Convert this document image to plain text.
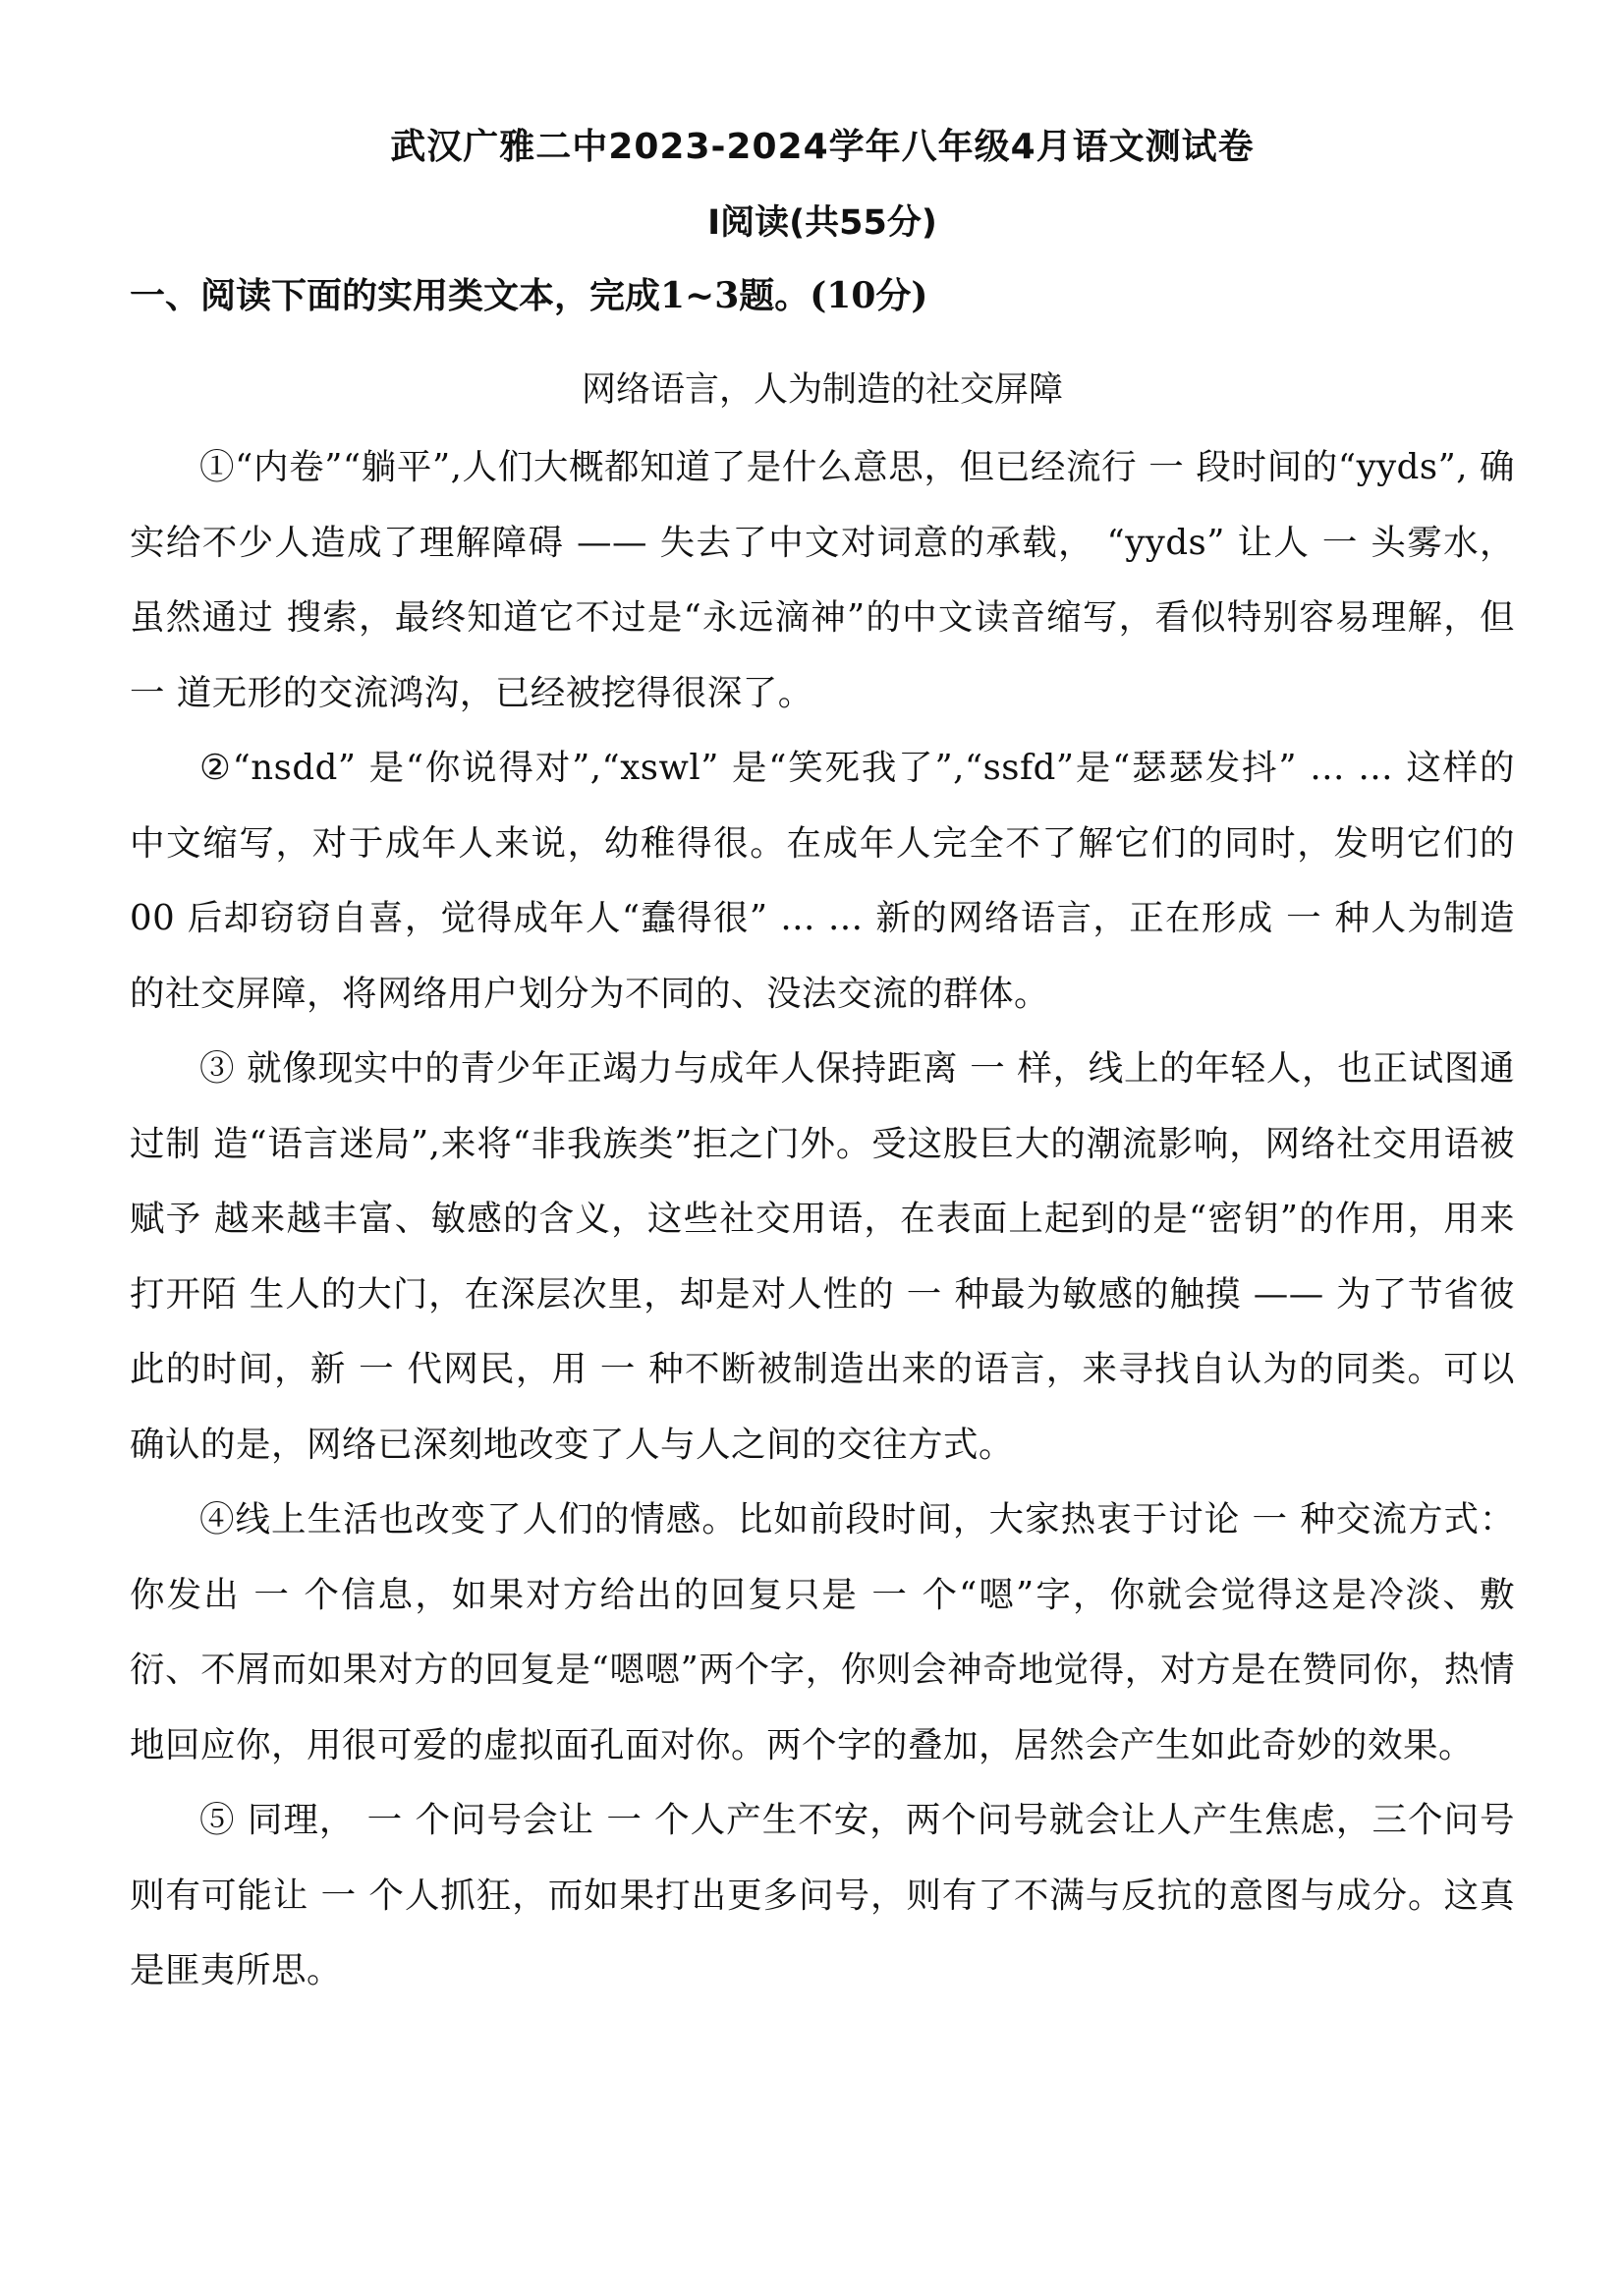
武汉广雅二中2023-2024学年八年级4月语文测试卷
Ⅰ阅读(共55分)
一、阅读下面的实用类文本，完成1~3题。(10分)
网络语言，人为制造的社交屏障

①“内卷”“躺平”,人们大概都知道了是什么意思，但已经流行 一 段时间的“yyds”, 确 实给不少人造成了理解障碍 —— 失去了中文对词意的承载， “yyds” 让人 一 头雾水，虽然通过 搜索，最终知道它不过是“永远滴神”的中文读音缩写，看似特别容易理解，但 一 道无形的交流鸿沟，已经被挖得很深了。

②“nsdd” 是“你说得对”,“xswl” 是“笑死我了”,“ssfd”是“瑟瑟发抖” … … 这样的中文缩写，对于成年人来说，幼稚得很。在成年人完全不了解它们的同时，发明它们的00 后却窃窃自喜，觉得成年人“蠢得很” … … 新的网络语言，正在形成 一 种人为制造的社交屏障，将网络用户划分为不同的、没法交流的群体。

③ 就像现实中的青少年正竭力与成年人保持距离 一 样，线上的年轻人，也正试图通过制 造“语言迷局”,来将“非我族类”拒之门外。受这股巨大的潮流影响，网络社交用语被赋予 越来越丰富、敏感的含义，这些社交用语，在表面上起到的是“密钥”的作用，用来打开陌 生人的大门，在深层次里，却是对人性的 一 种最为敏感的触摸 —— 为了节省彼此的时间，新 一 代网民，用 一 种不断被制造出来的语言，来寻找自认为的同类。可以确认的是，网络已深刻地改变了人与人之间的交往方式。

④线上生活也改变了人们的情感。比如前段时间，大家热衷于讨论 一 种交流方式：你发出 一 个信息，如果对方给出的回复只是 一 个“嗯”字，你就会觉得这是冷淡、敷衍、不屑而如果对方的回复是“嗯嗯”两个字，你则会神奇地觉得，对方是在赞同你，热情地回应你，用很可爱的虚拟面孔面对你。两个字的叠加，居然会产生如此奇妙的效果。

⑤ 同理， 一 个问号会让 一 个人产生不安，两个问号就会让人产生焦虑，三个问号则有可能让 一 个人抓狂，而如果打出更多问号，则有了不满与反抗的意图与成分。这真是匪夷所思。
